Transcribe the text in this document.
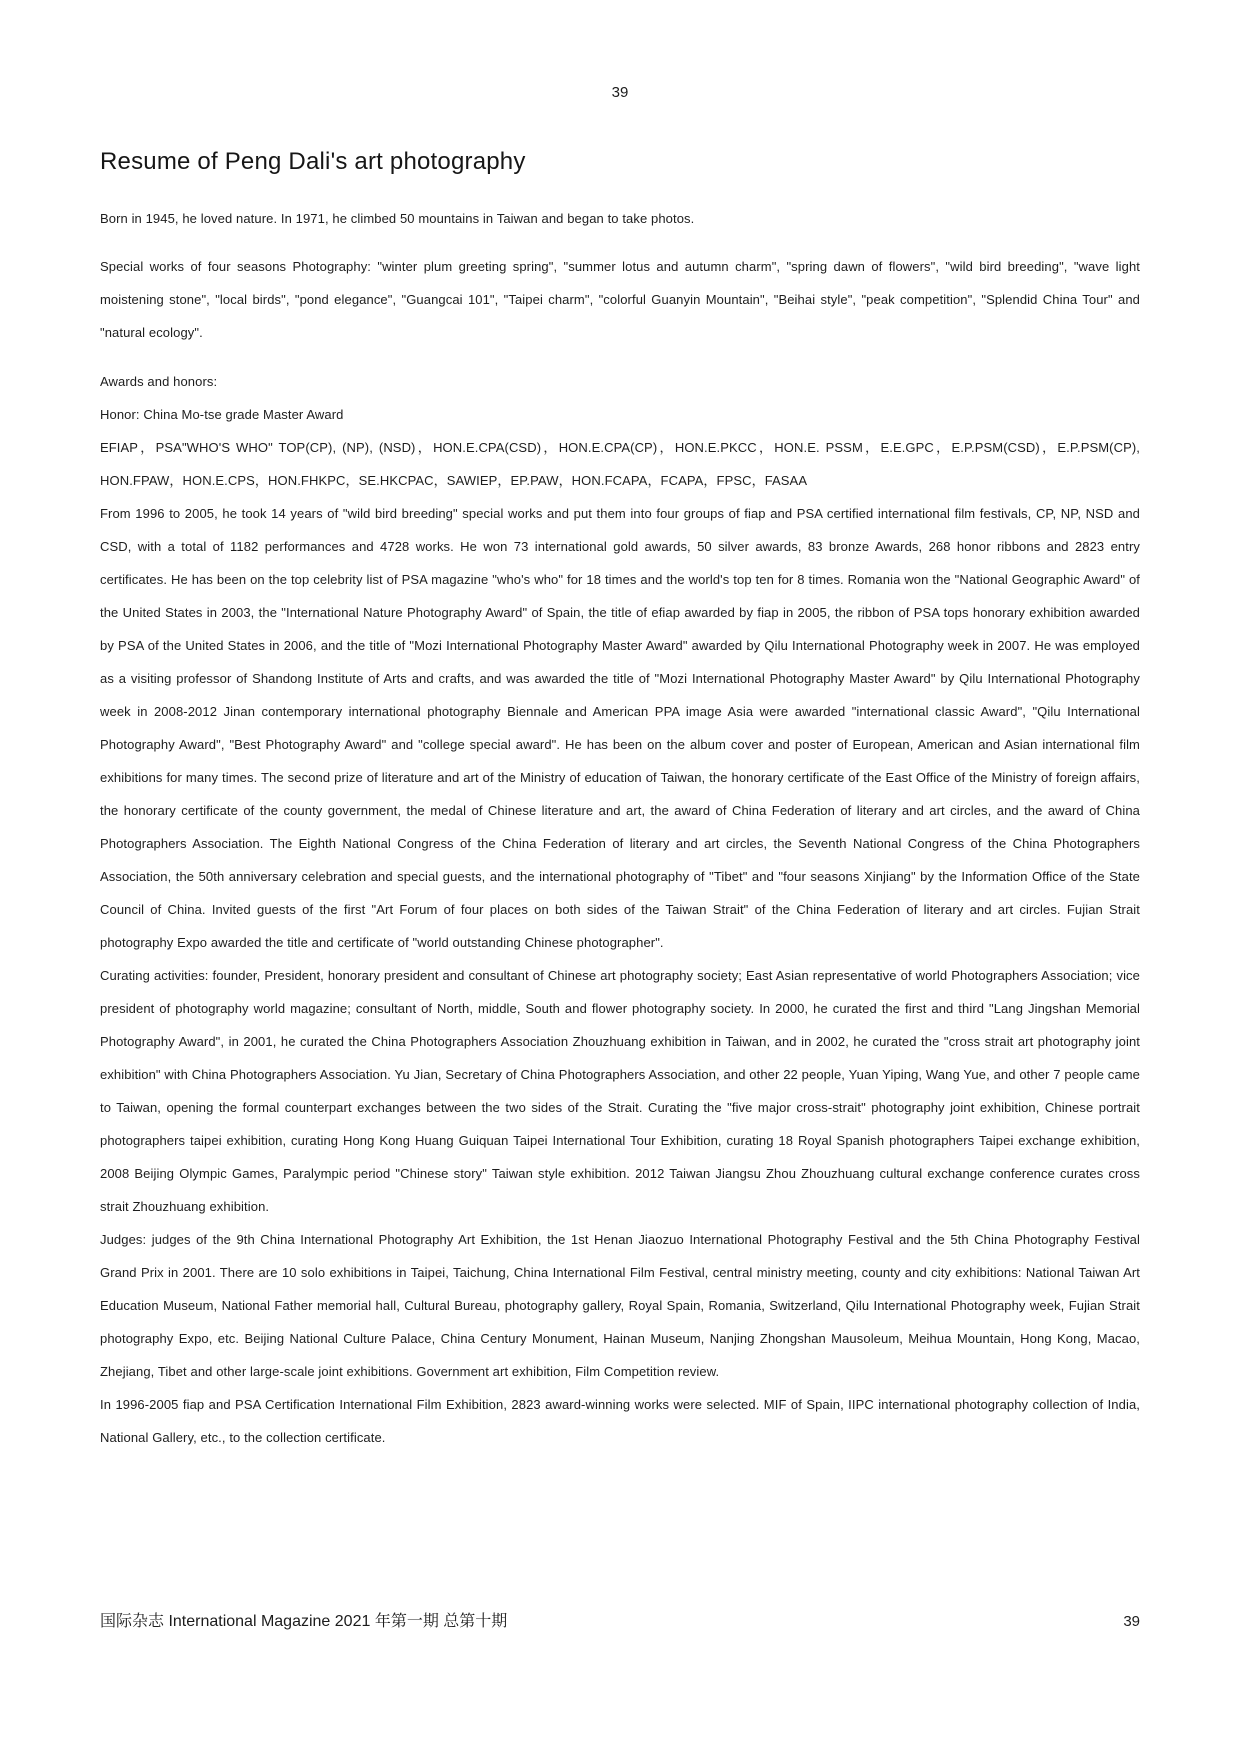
39
Resume of Peng Dali's art photography

Born in 1945, he loved nature. In 1971, he climbed 50 mountains in Taiwan and began to take photos.

Special works of four seasons Photography: "winter plum greeting spring", "summer lotus and autumn charm", "spring dawn of flowers", "wild bird breeding", "wave light moistening stone", "local birds", "pond elegance", "Guangcai 101", "Taipei charm", "colorful Guanyin Mountain", "Beihai style", "peak competition", "Splendid China Tour" and "natural ecology".

Awards and honors:

Honor: China Mo-tse grade Master Award

EFIAP，PSA"WHO'S WHO" TOP(CP), (NP), (NSD)，HON.E.CPA(CSD)，HON.E.CPA(CP)，HON.E.PKCC，HON.E. PSSM，E.E.GPC，E.P.PSM(CSD)，E.P.PSM(CP), HON.FPAW，HON.E.CPS，HON.FHKPC，SE.HKCPAC，SAWIEP，EP.PAW，HON.FCAPA，FCAPA，FPSC，FASAA

From 1996 to 2005, he took 14 years of "wild bird breeding" special works and put them into four groups of fiap and PSA certified international film festivals, CP, NP, NSD and CSD, with a total of 1182 performances and 4728 works. He won 73 international gold awards, 50 silver awards, 83 bronze Awards, 268 honor ribbons and 2823 entry certificates. He has been on the top celebrity list of PSA magazine "who's who" for 18 times and the world's top ten for 8 times. Romania won the "National Geographic Award" of the United States in 2003, the "International Nature Photography Award" of Spain, the title of efiap awarded by fiap in 2005, the ribbon of PSA tops honorary exhibition awarded by PSA of the United States in 2006, and the title of "Mozi International Photography Master Award" awarded by Qilu International Photography week in 2007. He was employed as a visiting professor of Shandong Institute of Arts and crafts, and was awarded the title of "Mozi International Photography Master Award" by Qilu International Photography week in 2008-2012 Jinan contemporary international photography Biennale and American PPA image Asia were awarded "international classic Award", "Qilu International Photography Award", "Best Photography Award" and "college special award". He has been on the album cover and poster of European, American and Asian international film exhibitions for many times. The second prize of literature and art of the Ministry of education of Taiwan, the honorary certificate of the East Office of the Ministry of foreign affairs, the honorary certificate of the county government, the medal of Chinese literature and art, the award of China Federation of literary and art circles, and the award of China Photographers Association. The Eighth National Congress of the China Federation of literary and art circles, the Seventh National Congress of the China Photographers Association, the 50th anniversary celebration and special guests, and the international photography of "Tibet" and "four seasons Xinjiang" by the Information Office of the State Council of China. Invited guests of the first "Art Forum of four places on both sides of the Taiwan Strait" of the China Federation of literary and art circles. Fujian Strait photography Expo awarded the title and certificate of "world outstanding Chinese photographer".

Curating activities: founder, President, honorary president and consultant of Chinese art photography society; East Asian representative of world Photographers Association; vice president of photography world magazine; consultant of North, middle, South and flower photography society. In 2000, he curated the first and third "Lang Jingshan Memorial Photography Award", in 2001, he curated the China Photographers Association Zhouzhuang exhibition in Taiwan, and in 2002, he curated the "cross strait art photography joint exhibition" with China Photographers Association. Yu Jian, Secretary of China Photographers Association, and other 22 people, Yuan Yiping, Wang Yue, and other 7 people came to Taiwan, opening the formal counterpart exchanges between the two sides of the Strait. Curating the "five major cross-strait" photography joint exhibition, Chinese portrait photographers taipei exhibition, curating Hong Kong Huang Guiquan Taipei International Tour Exhibition, curating 18 Royal Spanish photographers Taipei exchange exhibition, 2008 Beijing Olympic Games, Paralympic period "Chinese story" Taiwan style exhibition. 2012 Taiwan Jiangsu Zhou Zhouzhuang cultural exchange conference curates cross strait Zhouzhuang exhibition.

Judges: judges of the 9th China International Photography Art Exhibition, the 1st Henan Jiaozuo International Photography Festival and the 5th China Photography Festival Grand Prix in 2001. There are 10 solo exhibitions in Taipei, Taichung, China International Film Festival, central ministry meeting, county and city exhibitions: National Taiwan Art Education Museum, National Father memorial hall, Cultural Bureau, photography gallery, Royal Spain, Romania, Switzerland, Qilu International Photography week, Fujian Strait photography Expo, etc. Beijing National Culture Palace, China Century Monument, Hainan Museum, Nanjing Zhongshan Mausoleum, Meihua Mountain, Hong Kong, Macao, Zhejiang, Tibet and other large-scale joint exhibitions. Government art exhibition, Film Competition review.

In 1996-2005 fiap and PSA Certification International Film Exhibition, 2823 award-winning works were selected. MIF of Spain, IIPC international photography collection of India, National Gallery, etc., to the collection certificate.

国际杂志 International Magazine 2021 年第一期 总第十期	39
